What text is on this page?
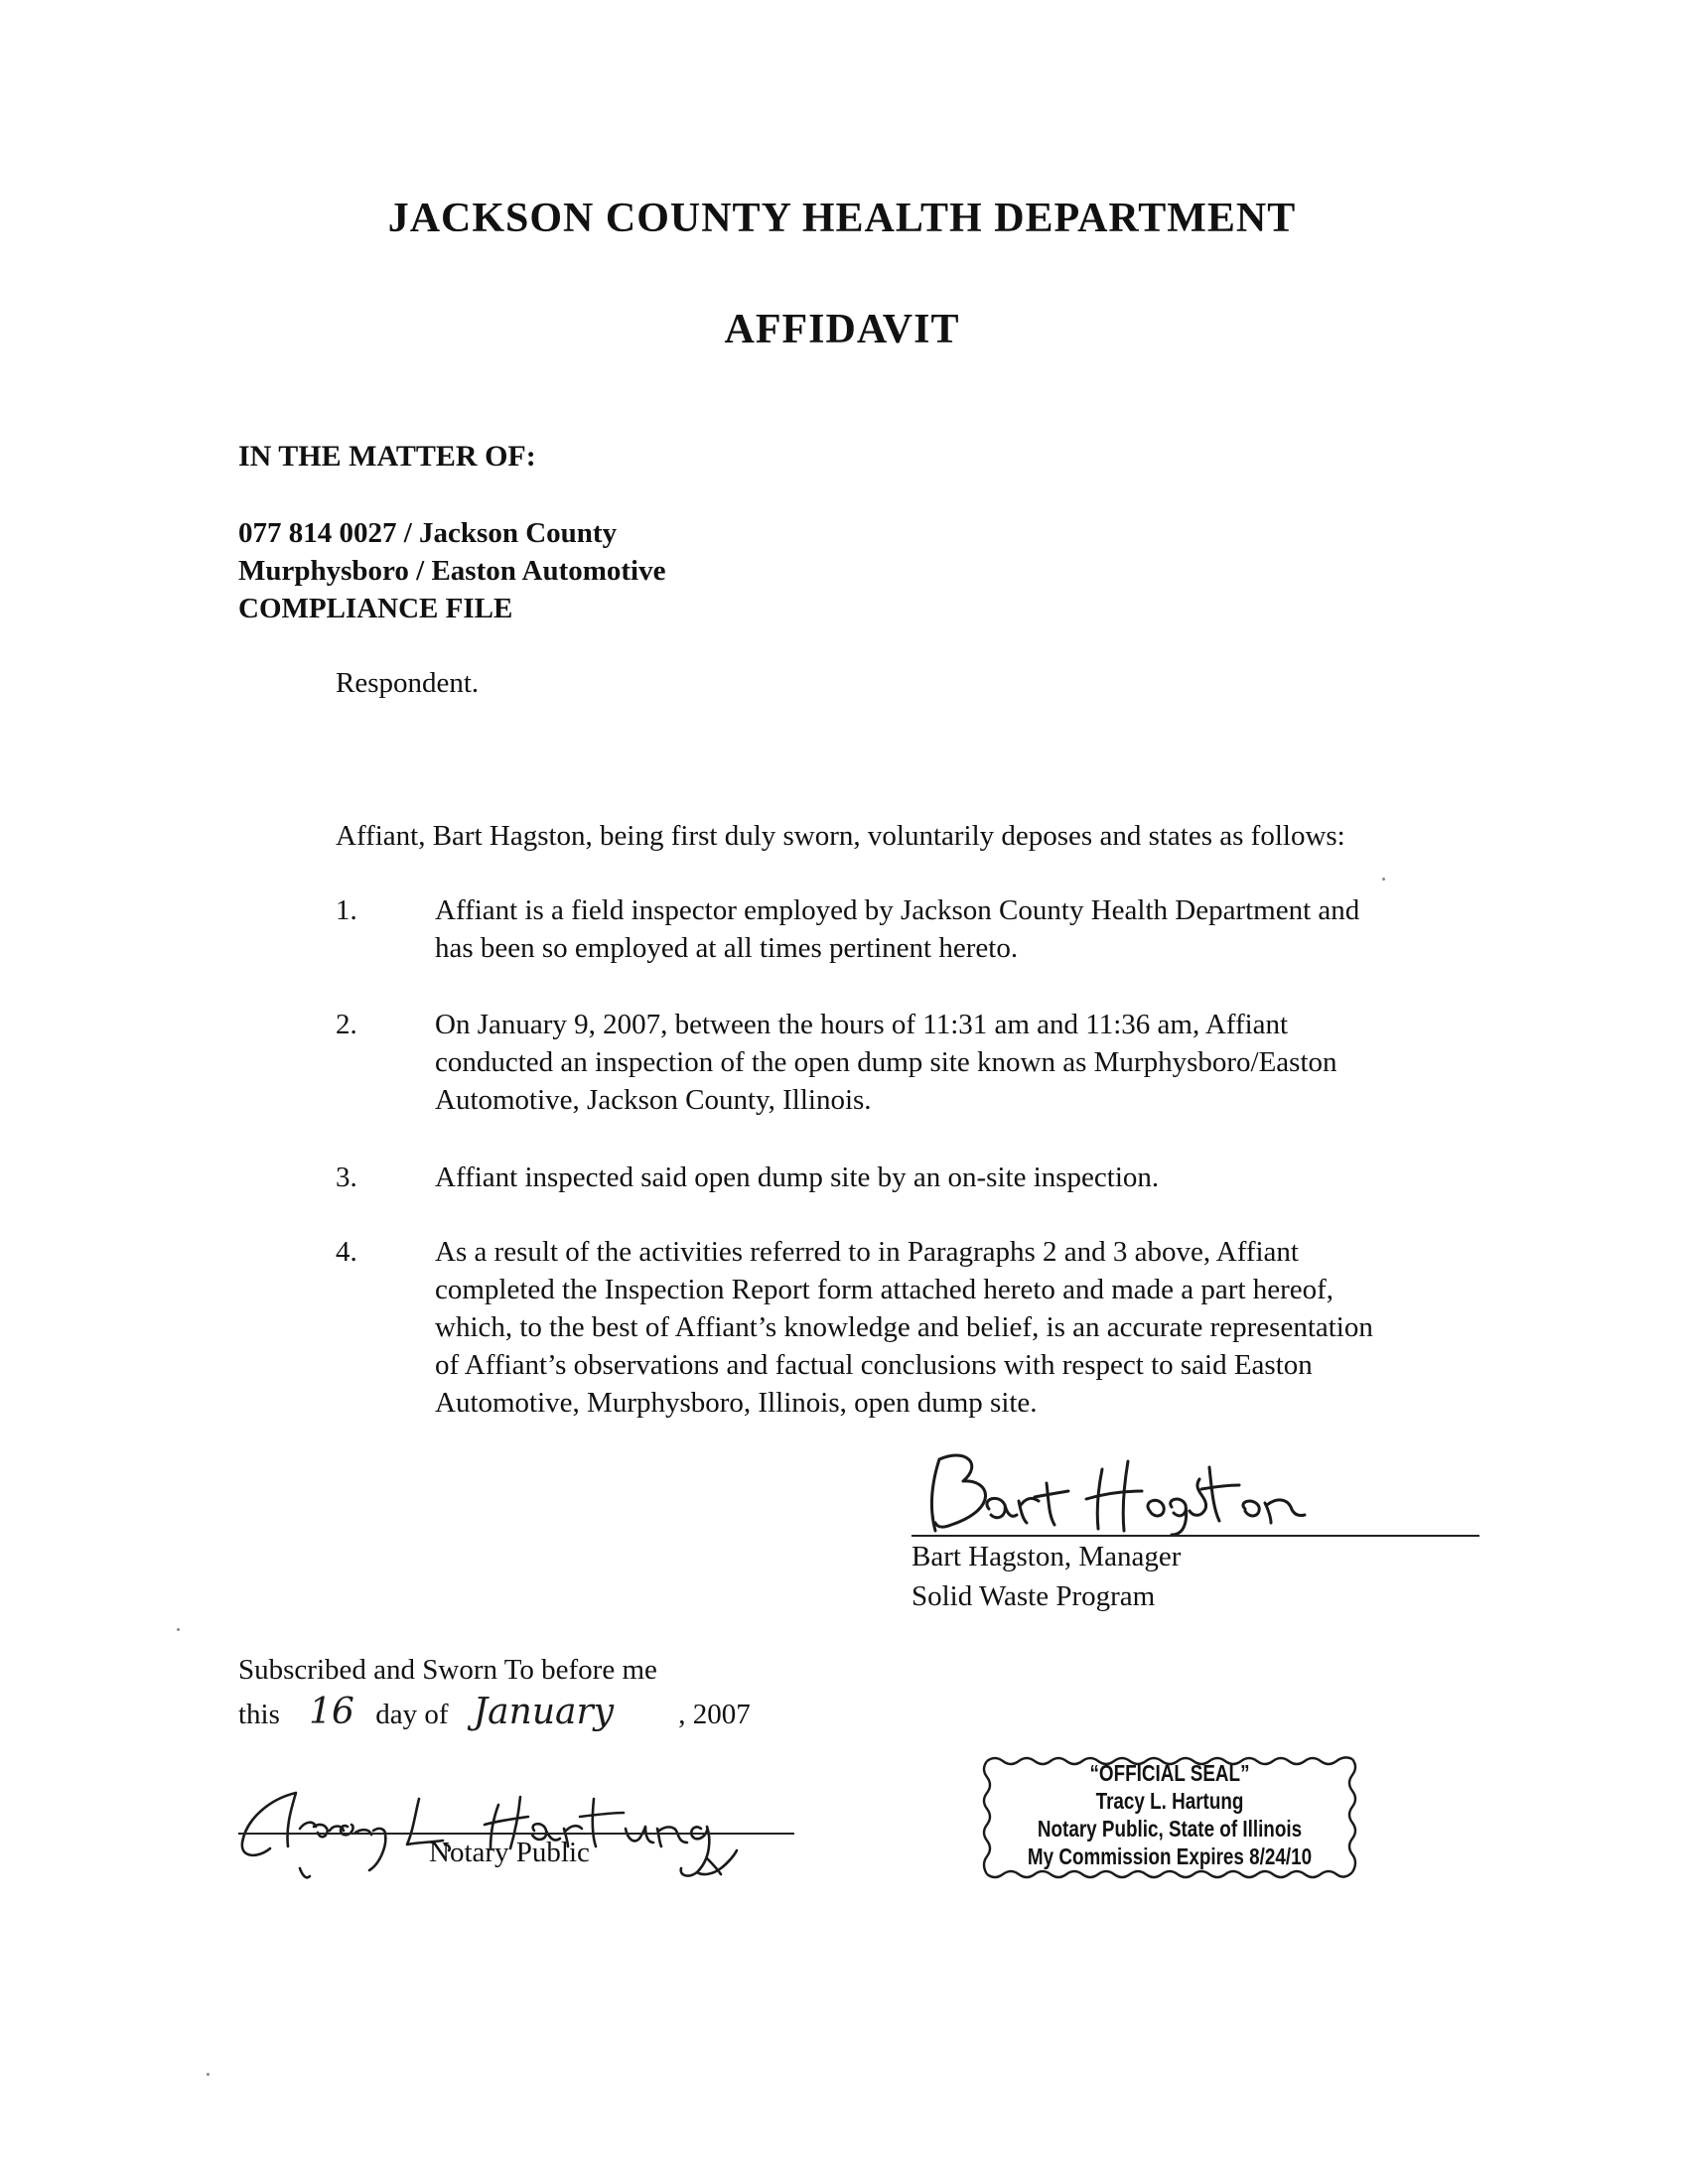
JACKSON COUNTY HEALTH DEPARTMENT
AFFIDAVIT
IN THE MATTER OF:
077 814 0027 / Jackson County
Murphysboro / Easton Automotive
COMPLIANCE FILE
Respondent.
Affiant, Bart Hagston, being first duly sworn, voluntarily deposes and states as follows:
1.	Affiant is a field inspector employed by Jackson County Health Department and
has been so employed at all times pertinent hereto.
2.	On January 9, 2007, between the hours of 11:31 am and 11:36 am, Affiant
conducted an inspection of the open dump site known as Murphysboro/Easton
Automotive, Jackson County, Illinois.
3.	Affiant inspected said open dump site by an on-site inspection.
4.	As a result of the activities referred to in Paragraphs 2 and 3 above, Affiant
completed the Inspection Report form attached hereto and made a part hereof,
which, to the best of Affiant’s knowledge and belief, is an accurate representation
of Affiant’s observations and factual conclusions with respect to said Easton
Automotive, Murphysboro, Illinois, open dump site.
Bart Hagston, Manager
Solid Waste Program
Subscribed and Sworn To before me
this 16 day of January , 2007
Notary Public
“OFFICIAL SEAL”
Tracy L. Hartung
Notary Public, State of Illinois
My Commission Expires 8/24/10
